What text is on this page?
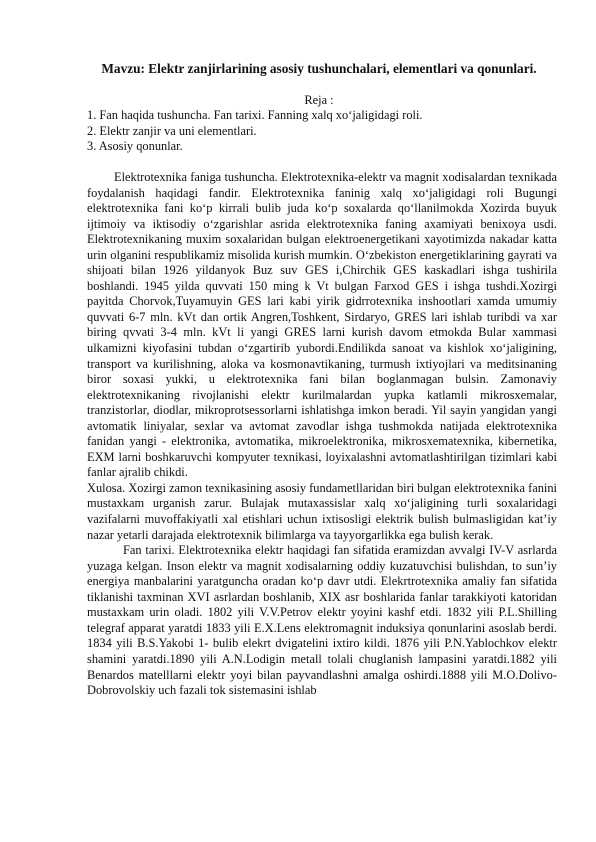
Mavzu: Elektr zanjirlarining asosiy tushunchalari, elementlari va qonunlari.
Reja :
1. Fan haqida tushuncha. Fan tarixi. Fanning xalq xo‘jaligidagi roli.
2. Elektr zanjir va uni elementlari.
3. Asosiy qonunlar.

Elektrotexnika faniga tushuncha. Elektrotexnika-elektr va magnit xodisalardan texnikada foydalanish haqidagi fandir. Elektrotexnika faninig xalq xo‘jaligidagi roli Bugungi elektrotexnika fani ko‘p kirrali bulib juda ko‘p soxalarda qo‘llanilmokda Xozirda buyuk ijtimoiy va iktisodiy o‘zgarishlar asrida elektrotexnika faning axamiyati benixoya usdi. Elektrotexnikaning muxim soxalaridan bulgan elektroenergetikani xayotimizda nakadar katta urin olganini respublikamiz misolida kurish mumkin. O‘zbekiston energetiklarining gayrati va shijoati bilan 1926 yildanyok Buz suv GES i,Chirchik GES kaskadlari ishga tushirila boshlandi. 1945 yilda quvvati 150 ming k Vt bulgan Farxod GES i ishga tushdi.Xozirgi payitda Chorvok,Tuyamuyin GES lari kabi yirik gidrrotexnika inshootlari xamda umumiy quvvati 6-7 mln. kVt dan ortik Angren,Toshkent, Sirdaryo, GRES lari ishlab turibdi va xar biring qvvati 3-4 mln. kVt li yangi GRES larni kurish davom etmokda Bular xammasi ulkamizni kiyofasini tubdan o‘zgartirib yubordi.Endilikda sanoat va kishlok xo‘jaligining, transport va kurilishning, aloka va kosmonavtikaning, turmush ixtiyojlari va meditsinaning biror soxasi yukki, u elektrotexnika fani bilan boglanmagan bulsin. Zamonaviy elektrotexnikaning rivojlanishi elektr kurilmalardan yupka katlamli mikrosxemalar, tranzistorlar, diodlar, mikroprotsessorlarni ishlatishga imkon beradi. Yil sayin yangidan yangi avtomatik liniyalar, sexlar va avtomat zavodlar ishga tushmokda natijada elektrotexnika fanidan yangi - elektronika, avtomatika, mikroelektronika, mikrosxematexnika, kibernetika, EXM larni boshkaruvchi kompyuter texnikasi, loyixalashni avtomatlashtirilgan tizimlari kabi fanlar ajralib chikdi.

Xulosa. Xozirgi zamon texnikasining asosiy fundametllaridan biri bulgan elektrotexnika fanini mustaxkam urganish zarur. Bulajak mutaxassislar xalq xo‘jaligining turli soxalaridagi vazifalarni muvoffakiyatli xal etishlari uchun ixtisosligi elektrik bulish bulmasligidan kat’iy nazar yetarli darajada elektrotexnik bilimlarga va tayyorgarlikka ega bulish kerak.

Fan tarixi. Elektrotexnika elektr haqidagi fan sifatida eramizdan avvalgi IV-V asrlarda yuzaga kelgan. Inson elektr va magnit xodisalarning oddiy kuzatuvchisi bulishdan, to sun’iy energiya manbalarini yaratguncha oradan ko‘p davr utdi. Elekrtrotexnika amaliy fan sifatida tiklanishi taxminan XVI asrlardan boshlanib, XIX asr boshlarida fanlar tarakkiyoti katoridan mustaxkam urin oladi. 1802 yili V.V.Petrov elektr yoyini kashf etdi. 1832 yili P.L.Shilling telegraf apparat yaratdi 1833 yili E.X.Lens elektromagnit induksiya qonunlarini asoslab berdi. 1834 yili B.S.Yakobi 1- bulib elekrt dvigatelini ixtiro kildi. 1876 yili P.N.Yablochkov elektr shamini yaratdi.1890 yili A.N.Lodigin metall tolali chuglanish lampasini yaratdi.1882 yili Benardos matelllarni elektr yoyi bilan payvandlashni amalga oshirdi.1888 yili M.O.Dolivo-Dobrovolskiy uch fazali tok sistemasini ishlab
